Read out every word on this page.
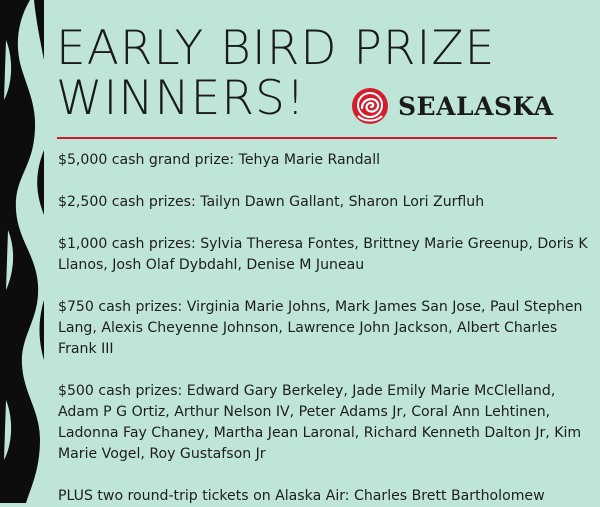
EARLY BIRD PRIZE
WINNERS!	SEALASKA

$5,000 cash grand prize: Tehya Marie Randall

$2,500 cash prizes: Tailyn Dawn Gallant, Sharon Lori Zurfluh

$1,000 cash prizes: Sylvia Theresa Fontes, Brittney Marie Greenup, Doris K Llanos, Josh Olaf Dybdahl, Denise M Juneau

$750 cash prizes: Virginia Marie Johns, Mark James San Jose, Paul Stephen Lang, Alexis Cheyenne Johnson, Lawrence John Jackson, Albert Charles Frank III

$500 cash prizes: Edward Gary Berkeley, Jade Emily Marie McClelland, Adam P G Ortiz, Arthur Nelson IV, Peter Adams Jr, Coral Ann Lehtinen, Ladonna Fay Chaney, Martha Jean Laronal, Richard Kenneth Dalton Jr, Kim Marie Vogel, Roy Gustafson Jr

PLUS two round-trip tickets on Alaska Air: Charles Brett Bartholomew
